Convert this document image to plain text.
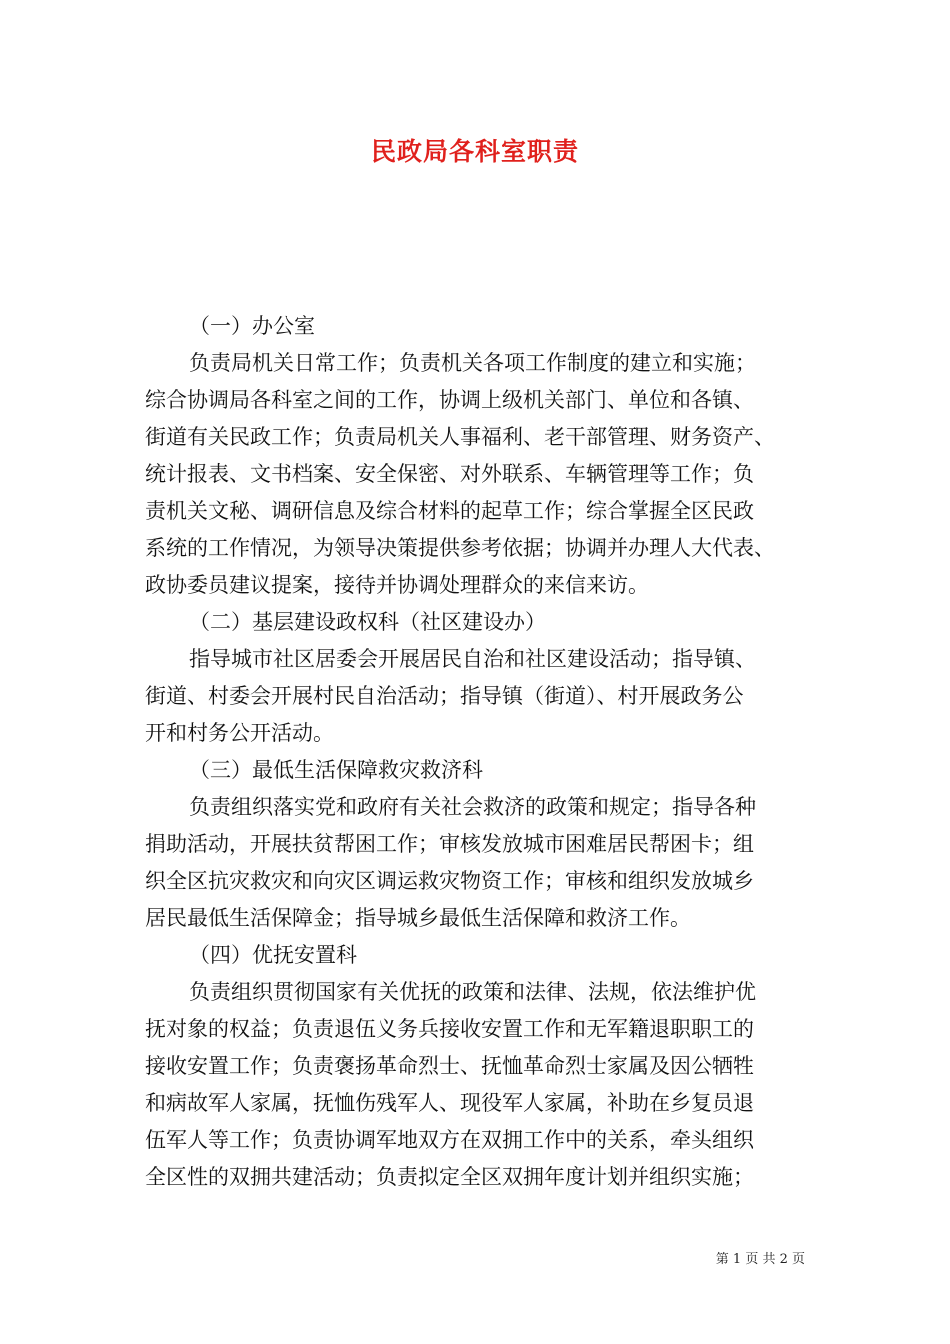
民政局各科室职责
（一）办公室
负责局机关日常工作；负责机关各项工作制度的建立和实施；
综合协调局各科室之间的工作，协调上级机关部门、单位和各镇、
街道有关民政工作；负责局机关人事福利、老干部管理、财务资产、
统计报表、文书档案、安全保密、对外联系、车辆管理等工作；负
责机关文秘、调研信息及综合材料的起草工作；综合掌握全区民政
系统的工作情况，为领导决策提供参考依据；协调并办理人大代表、
政协委员建议提案，接待并协调处理群众的来信来访。
（二）基层建设政权科（社区建设办）
指导城市社区居委会开展居民自治和社区建设活动；指导镇、
街道、村委会开展村民自治活动；指导镇（街道）、村开展政务公
开和村务公开活动。
（三）最低生活保障救灾救济科
负责组织落实党和政府有关社会救济的政策和规定；指导各种
捐助活动，开展扶贫帮困工作；审核发放城市困难居民帮困卡；组
织全区抗灾救灾和向灾区调运救灾物资工作；审核和组织发放城乡
居民最低生活保障金；指导城乡最低生活保障和救济工作。
（四）优抚安置科
负责组织贯彻国家有关优抚的政策和法律、法规，依法维护优
抚对象的权益；负责退伍义务兵接收安置工作和无军籍退职职工的
接收安置工作；负责褒扬革命烈士、抚恤革命烈士家属及因公牺牲
和病故军人家属，抚恤伤残军人、现役军人家属，补助在乡复员退
伍军人等工作；负责协调军地双方在双拥工作中的关系，牵头组织
全区性的双拥共建活动；负责拟定全区双拥年度计划并组织实施；
第 1 页 共 2 页
